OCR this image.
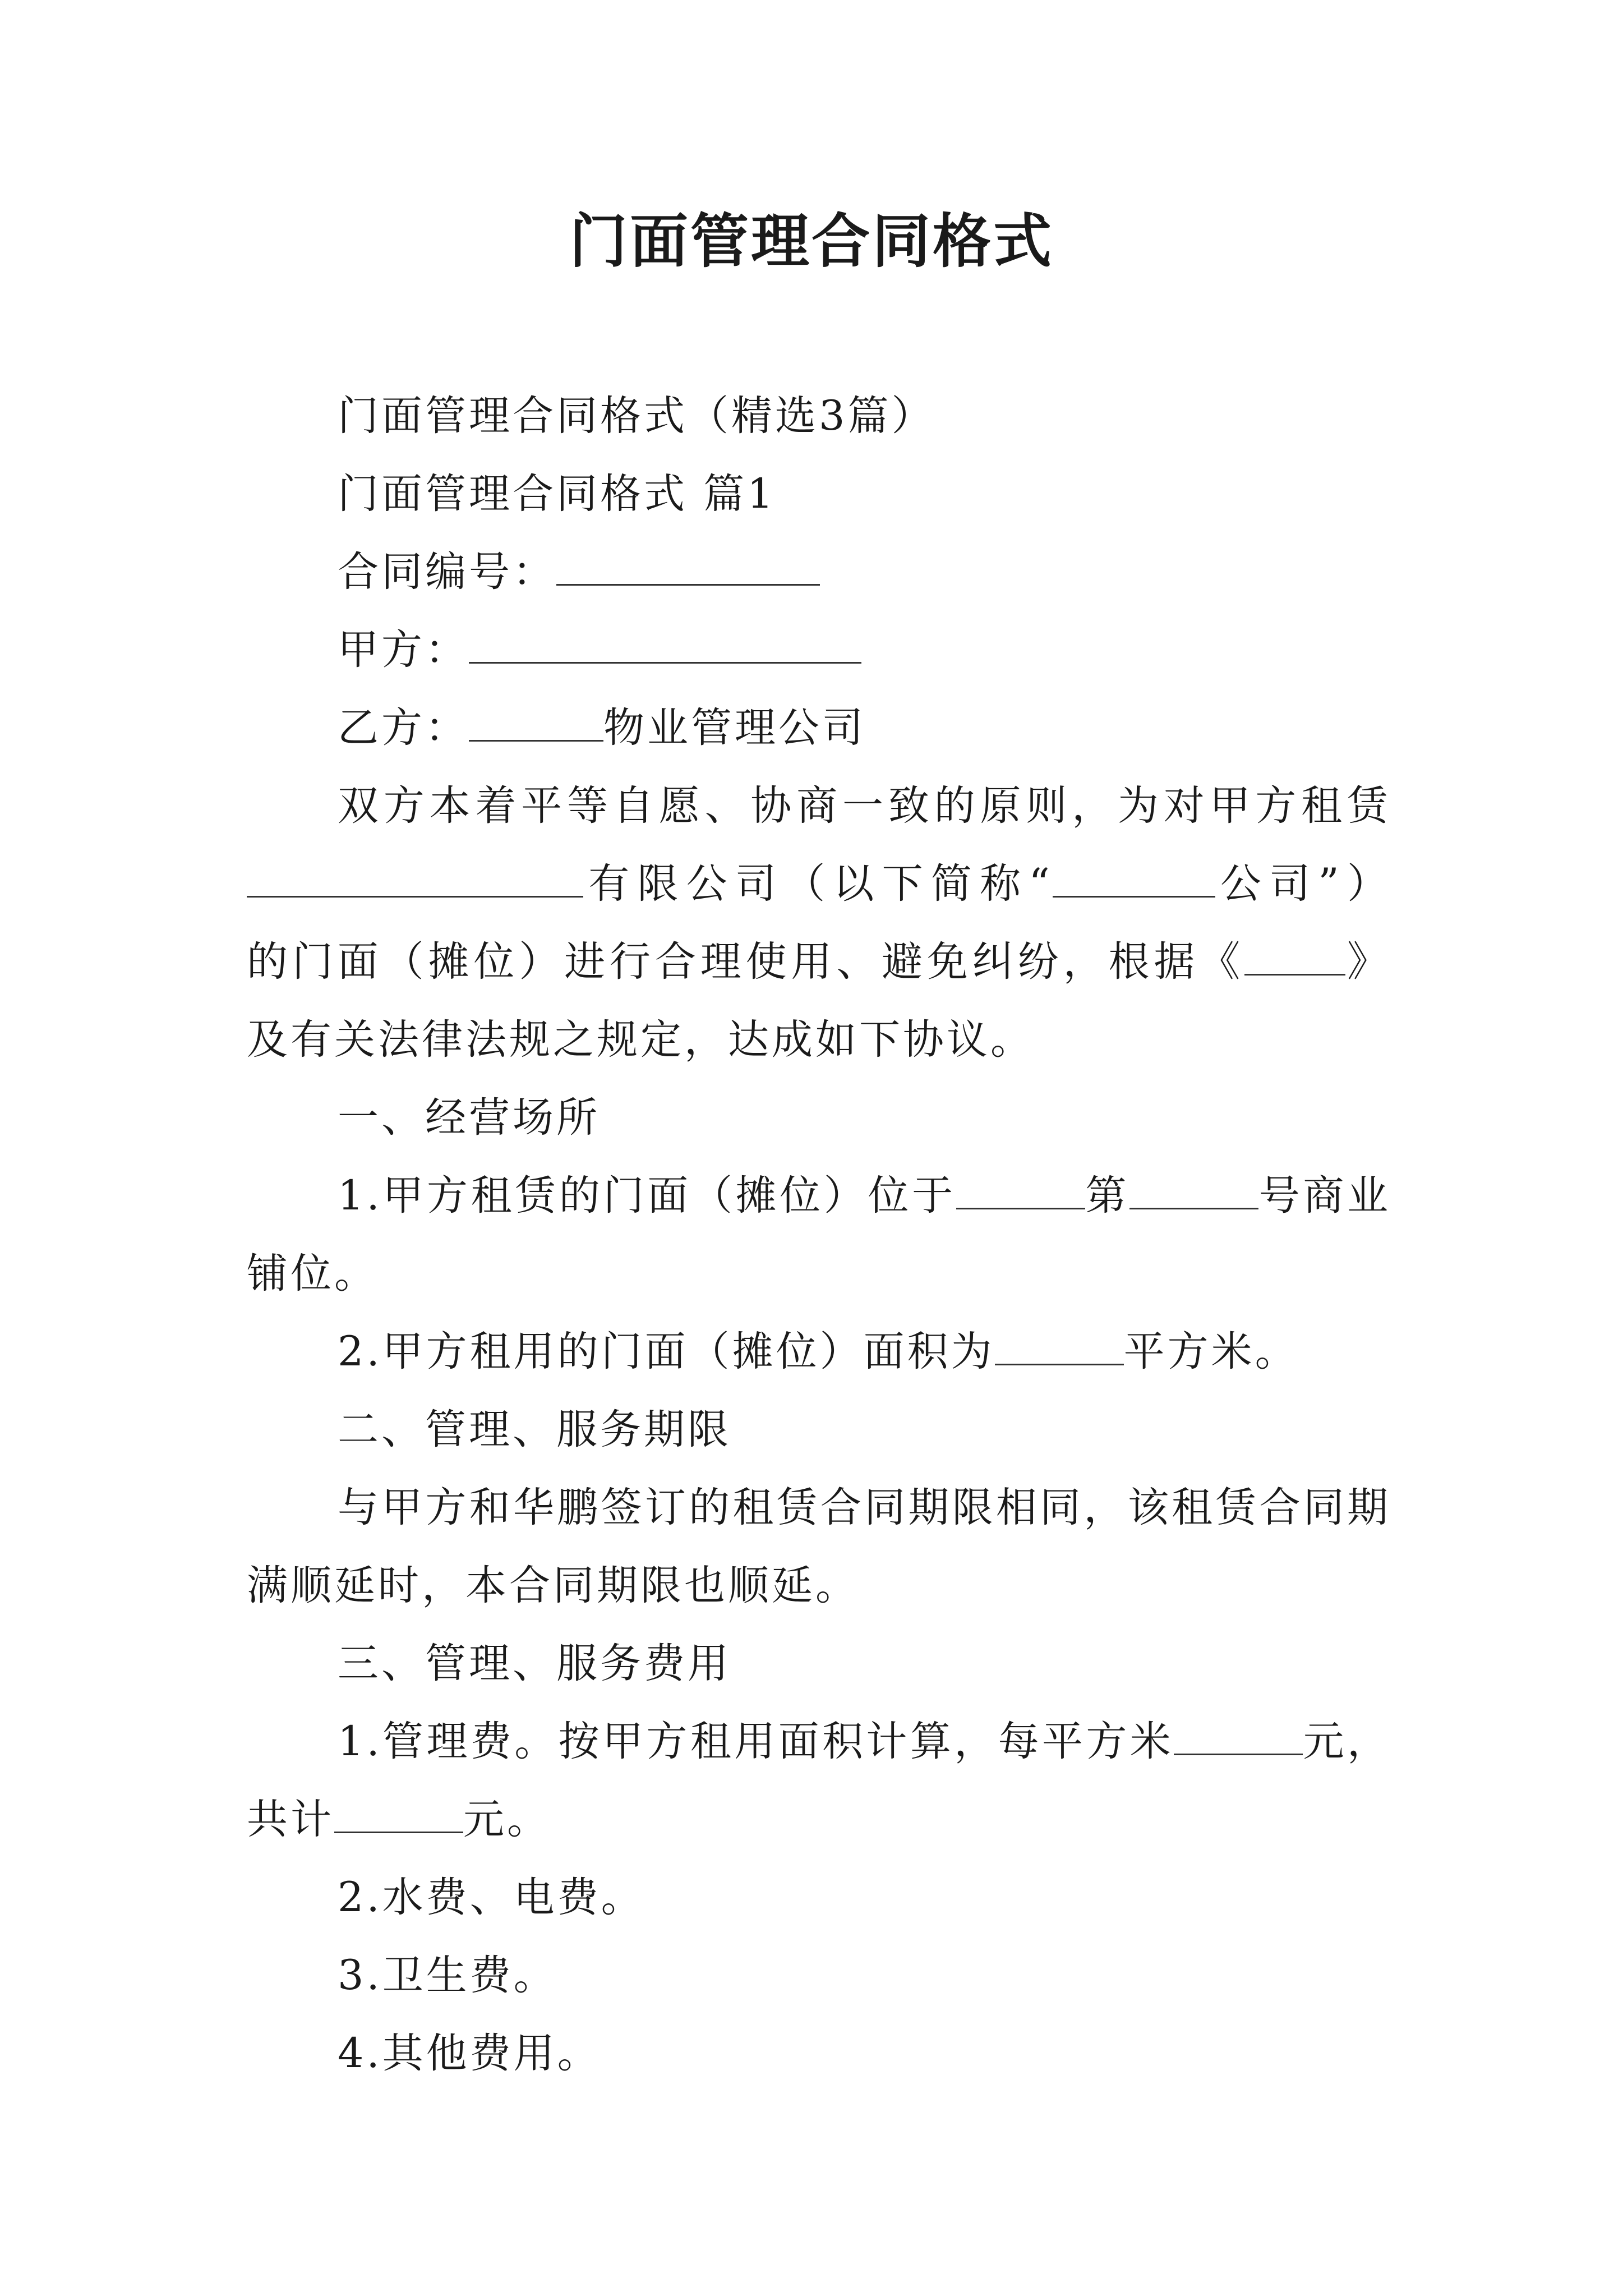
门面管理合同格式
门面管理合同格式（精选3篇）
门面管理合同格式 篇1
合同编号：
甲方：
乙方：	物业管理公司
双方本着平等自愿、协商一致的原则，为对甲方租赁
有限公司（以下简称“	公司”）
的门面（摊位）进行合理使用、避免纠纷，根据《 》
及有关法律法规之规定，达成如下协议。
一、经营场所
1.甲方租赁的门面（摊位）位于	第	号商业
铺位。
2.甲方租用的门面（摊位）面积为	平方米。
二、管理、服务期限
与甲方和华鹏签订的租赁合同期限相同，该租赁合同期
满顺延时，本合同期限也顺延。
三、管理、服务费用
1.管理费。按甲方租用面积计算，每平方米	元，
共计	元。
2.水费、电费。
3.卫生费。
4.其他费用。
